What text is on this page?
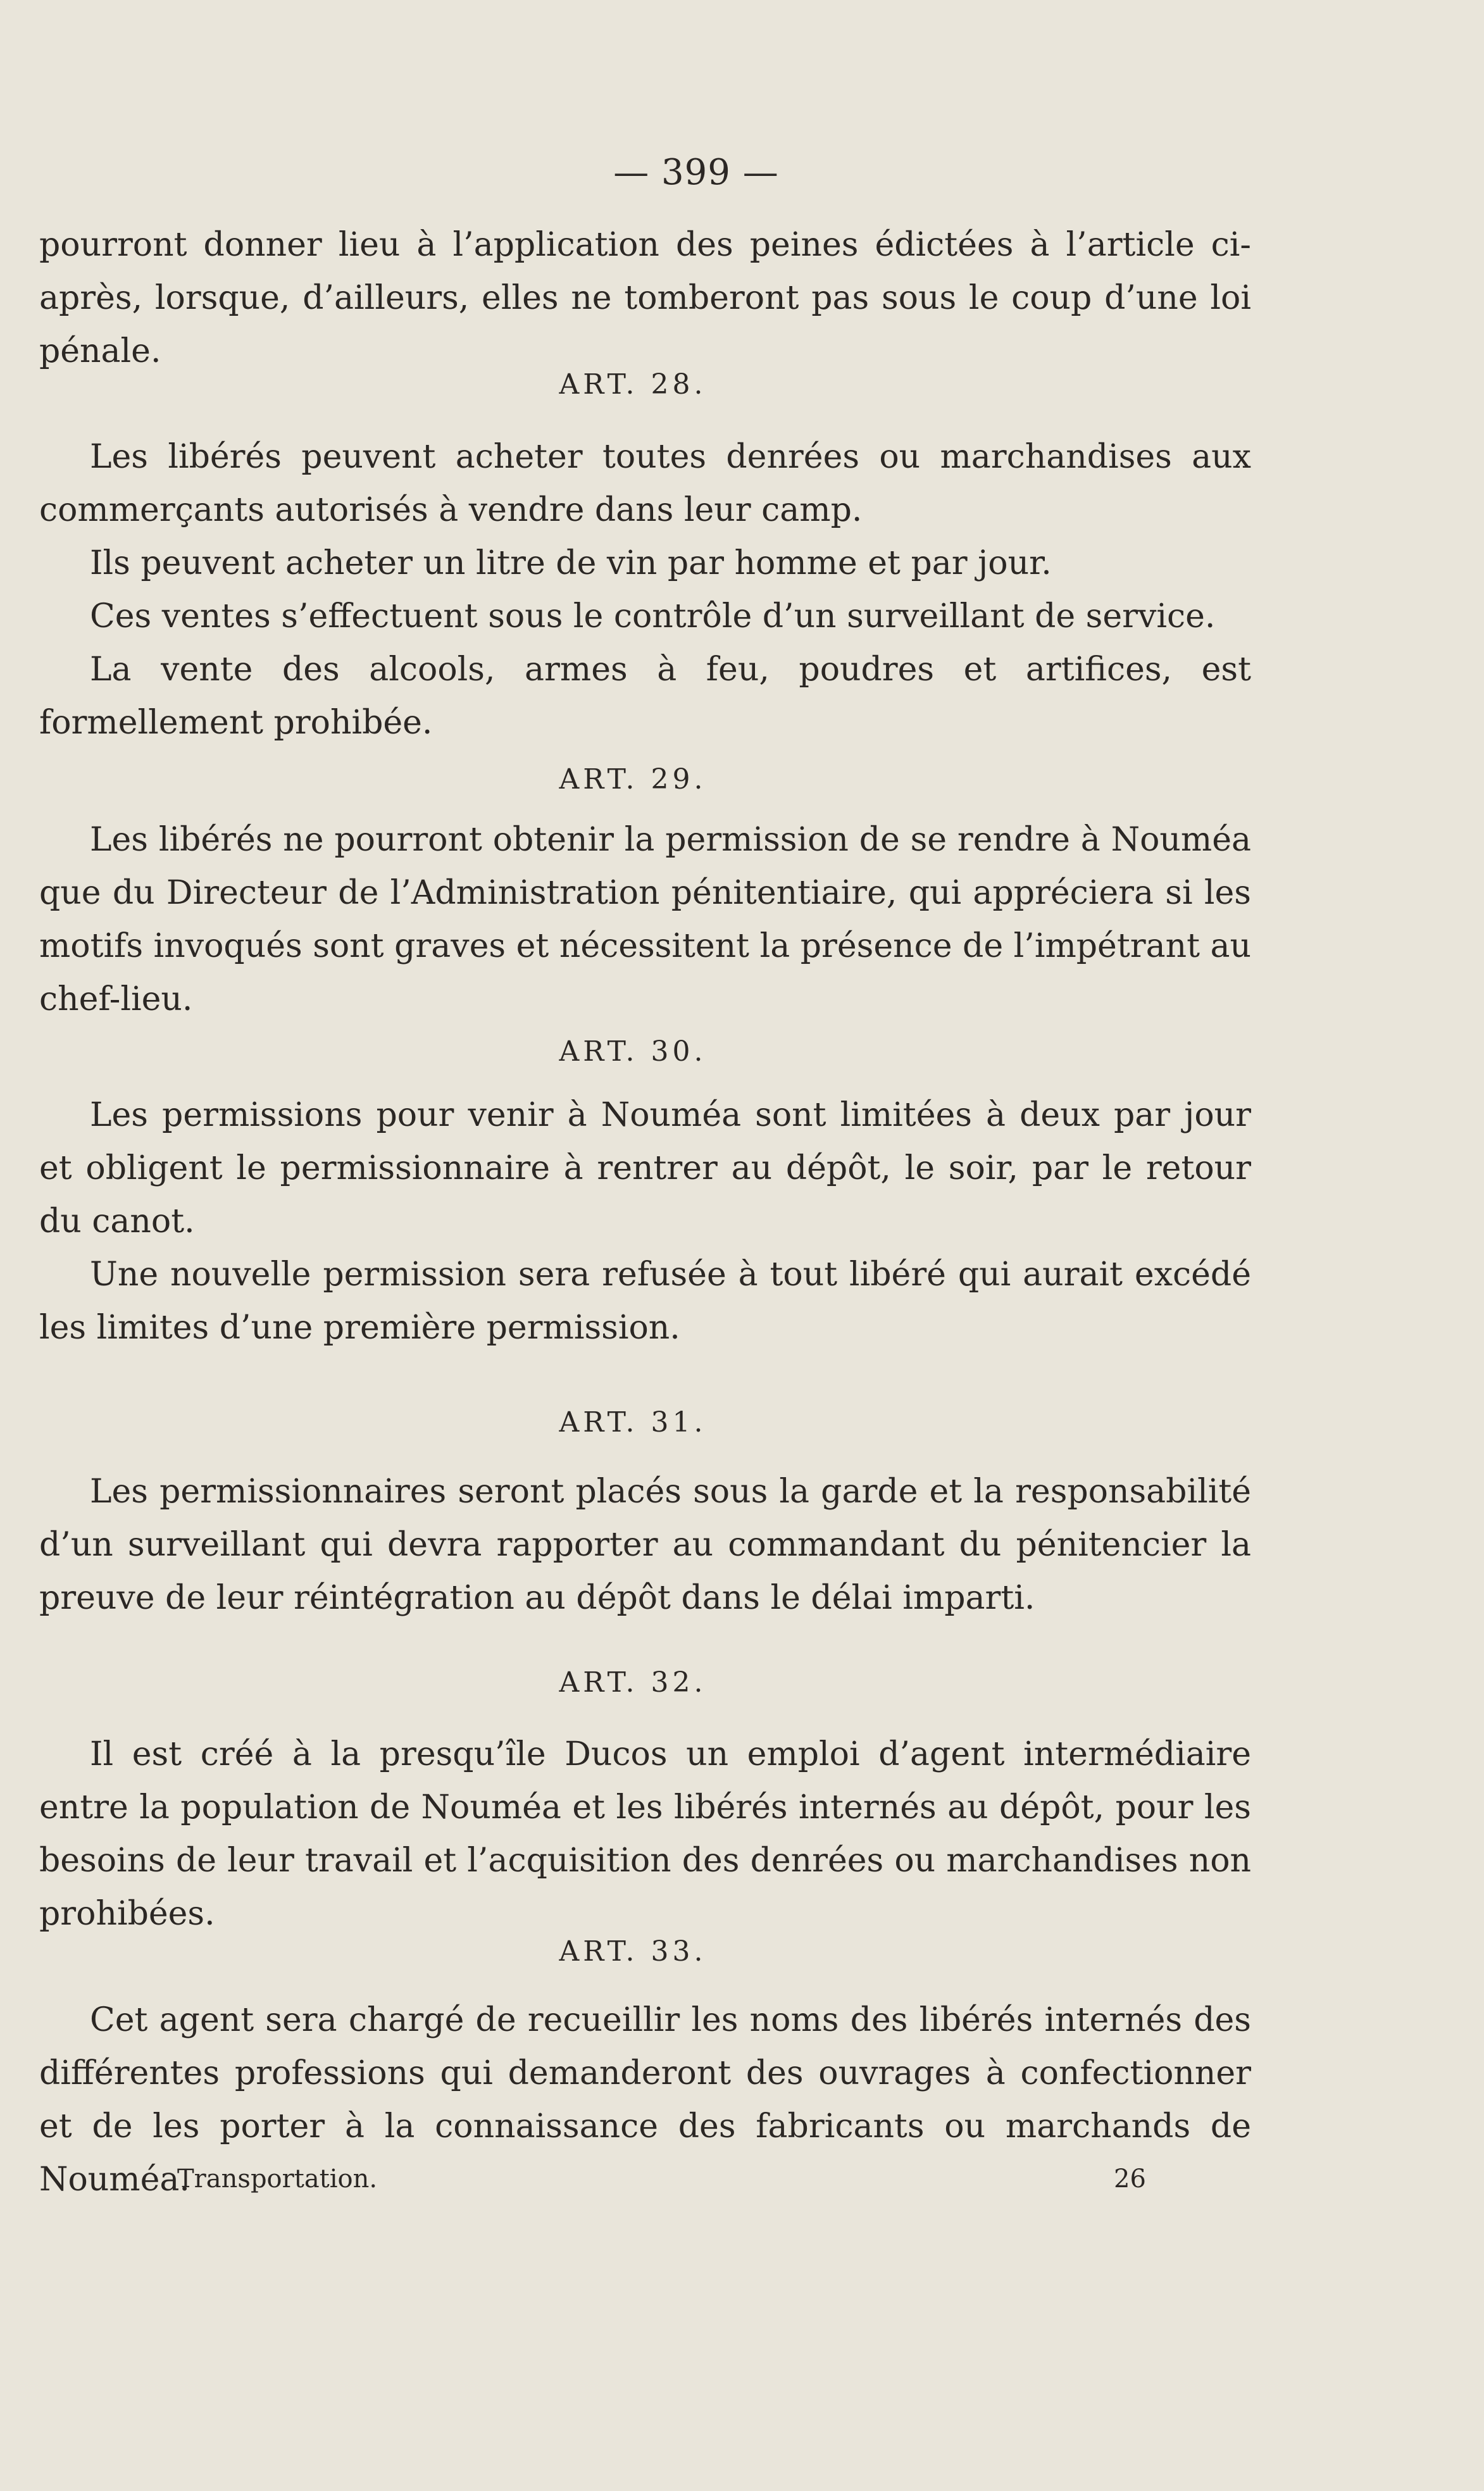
— 399 —

pourront donner lieu à l’application des peines édictées à l’article ci-après, lorsque, d’ailleurs, elles ne tomberont pas sous le coup d’une loi pénale.

ART. 28.

Les libérés peuvent acheter toutes denrées ou marchandises aux commerçants autorisés à vendre dans leur camp.

Ils peuvent acheter un litre de vin par homme et par jour.

Ces ventes s’effectuent sous le contrôle d’un surveillant de service.

La vente des alcools, armes à feu, poudres et artifices, est formellement prohibée.

ART. 29.

Les libérés ne pourront obtenir la permission de se rendre à Nouméa que du Directeur de l’Administration pénitentiaire, qui appréciera si les motifs invoqués sont graves et nécessitent la présence de l’impétrant au chef-lieu.

ART. 30.

Les permissions pour venir à Nouméa sont limitées à deux par jour et obligent le permissionnaire à rentrer au dépôt, le soir, par le retour du canot.

Une nouvelle permission sera refusée à tout libéré qui aurait excédé les limites d’une première permission.

ART. 31.

Les permissionnaires seront placés sous la garde et la responsabilité d’un surveillant qui devra rapporter au commandant du pénitencier la preuve de leur réintégration au dépôt dans le délai imparti.

ART. 32.

Il est créé à la presqu’île Ducos un emploi d’agent intermédiaire entre la population de Nouméa et les libérés internés au dépôt, pour les besoins de leur travail et l’acquisition des denrées ou marchandises non prohibées.

ART. 33.

Cet agent sera chargé de recueillir les noms des libérés internés des différentes professions qui demanderont des ouvrages à confectionner et de les porter à la connaissance des fabricants ou marchands de Nouméa.

Transportation.	26
